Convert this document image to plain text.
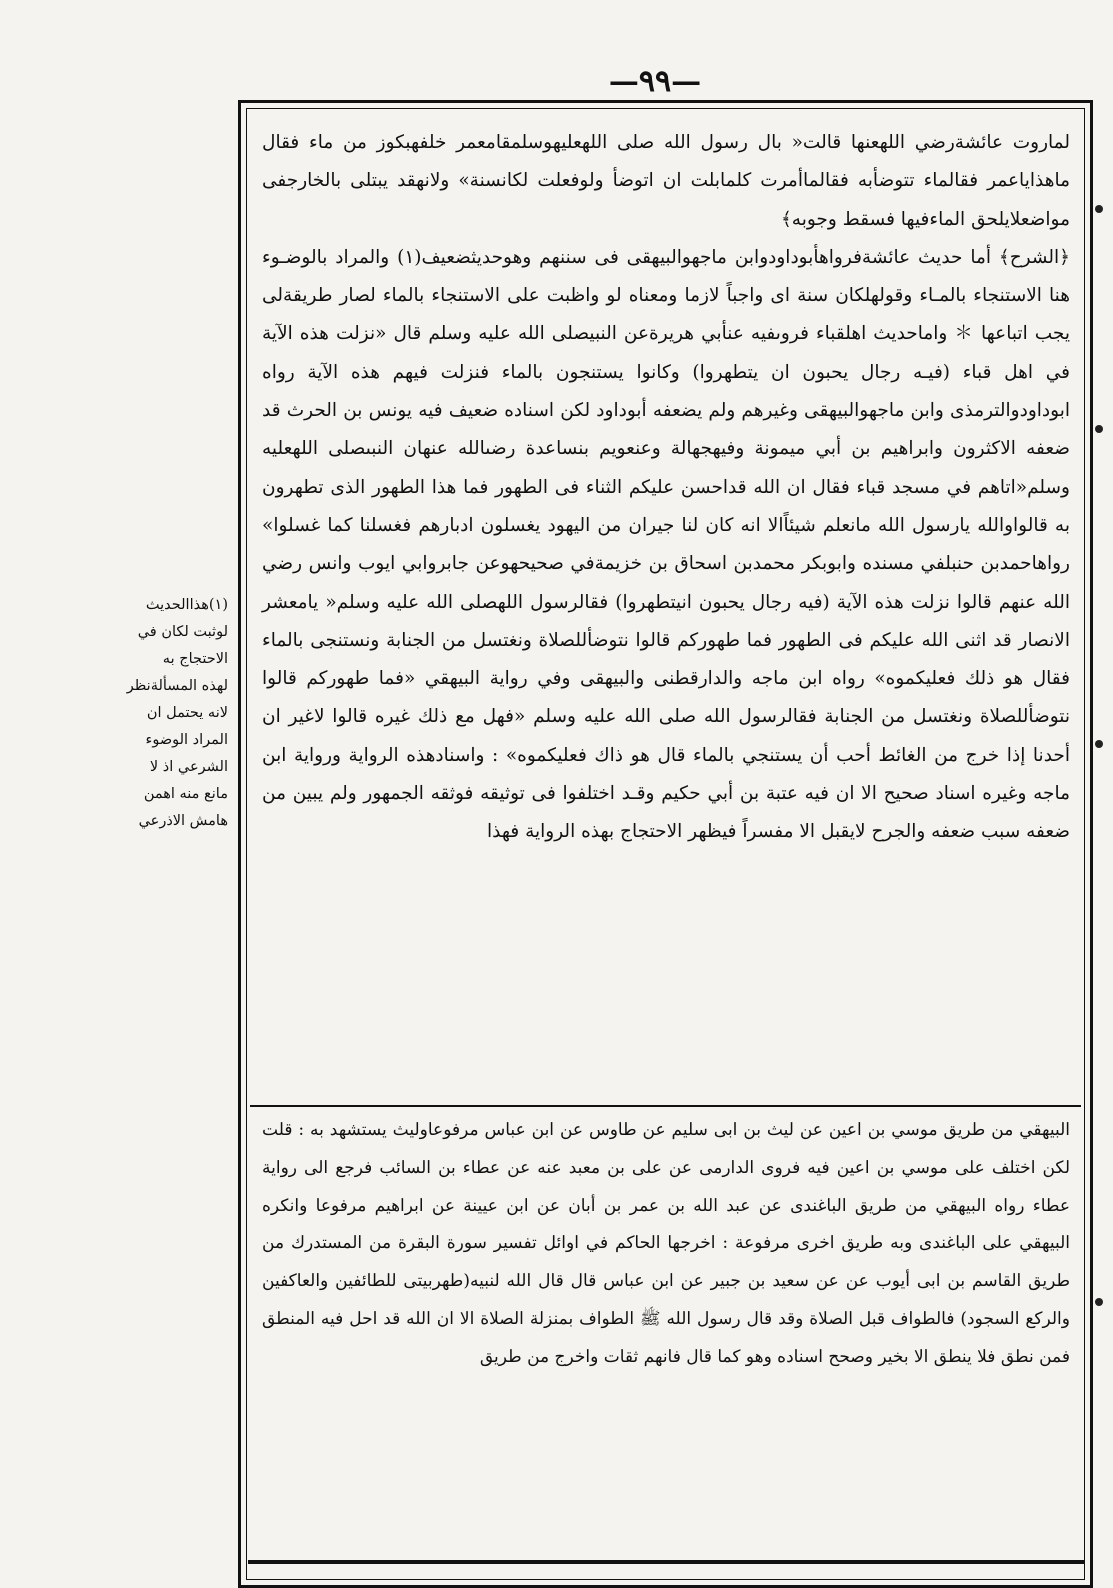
—٩٩—

لماروت عائشةرضي اللهعنها قالت« بال رسول الله صلى اللهعليهوسلمقامعمر خلفهبكوز من ماء فقال ماهذاياعمر فقالماء تتوضأبه فقالماأمرت كلمابلت ان اتوضأ ولوفعلت لكانسنة» ولانهقد يبتلى بالخارجفى مواضعلايلحق الماءفيها فسقط وجوبه﴾

﴿الشرح﴾ أما حديث عائشةفرواهأبوداودوابن ماجهوالبيهقى فى سننهم وهوحديثضعيف(١) والمراد بالوضـوء هنا الاستنجاء بالمـاء وقولهلكان سنة اى واجباً لازما ومعناه لو واظبت على الاستنجاء بالماء لصار طريقةلى يجب اتباعها ＊ واماحديث اهلقباء فروىفيه عنأبي هريرةعن النبيصلى الله عليه وسلم قال «نزلت هذه الآية في اهل قباء (فيـه رجال يحبون ان يتطهروا) وكانوا يستنجون بالماء فنزلت فيهم هذه الآية رواه ابوداودوالترمذى وابن ماجهوالبيهقى وغيرهم ولم يضعفه أبوداود لكن اسناده ضعيف فيه يونس بن الحرث قد ضعفه الاكثرون وابراهيم بن أبي ميمونة وفيهجهالة وعنعويم بنساعدة رضىالله عنهان النبىصلى اللهعليه وسلم«اتاهم في مسجد قباء فقال ان الله قداحسن عليكم الثناء فى الطهور فما هذا الطهور الذى تطهرون به قالواوالله يارسول الله مانعلم شيئاًالا انه كان لنا جيران من اليهود يغسلون ادبارهم فغسلنا كما غسلوا» رواهاحمدبن حنبلفي مسنده وابوبكر محمدبن اسحاق بن خزيمةفي صحيحهوعن جابروابي ايوب وانس رضي الله عنهم قالوا نزلت هذه الآية (فيه رجال يحبون انيتطهروا) فقالرسول اللهصلى الله عليه وسلم« يامعشر الانصار قد اثنى الله عليكم فى الطهور فما طهوركم قالوا نتوضأللصلاة ونغتسل من الجنابة ونستنجى بالماء فقال هو ذلك فعليكموه» رواه ابن ماجه والدارقطنى والبيهقى وفي رواية البيهقي «فما طهوركم قالوا نتوضأللصلاة ونغتسل من الجنابة فقالرسول الله صلى الله عليه وسلم «فهل مع ذلك غيره قالوا لاغير ان أحدنا إذا خرج من الغائط أحب أن يستنجي بالماء قال هو ذاك فعليكموه» : واسنادهذه الرواية ورواية ابن ماجه وغيره اسناد صحيح الا ان فيه عتبة بن أبي حكيم وقـد اختلفوا فى توثيقه فوثقه الجمهور ولم يبين من ضعفه سبب ضعفه والجرح لايقبل الا مفسراً فيظهر الاحتجاج بهذه الرواية فهذا

البيهقي من طريق موسي بن اعين عن ليث بن ابى سليم عن طاوس عن ابن عباس مرفوعاوليث يستشهد به : قلت لكن اختلف على موسي بن اعين فيه فروى الدارمى عن على بن معبد عنه عن عطاء بن السائب فرجع الى رواية عطاء رواه البيهقي من طريق الباغندى عن عبد الله بن عمر بن أبان عن ابن عيينة عن ابراهيم مرفوعا وانكره البيهقي على الباغندى وبه طريق اخرى مرفوعة : اخرجها الحاكم في اوائل تفسير سورة البقرة من المستدرك من طريق القاسم بن ابى أيوب عن عن سعيد بن جبير عن ابن عباس قال قال الله لنبيه(طهربيتى للطائفين والعاكفين والركع السجود) فالطواف قبل الصلاة وقد قال رسول الله ﷺ الطواف بمنزلة الصلاة الا ان الله قد احل فيه المنطق فمن نطق فلا ينطق الا بخير وصحح اسناده وهو كما قال فانهم ثقات واخرج من طريق

(١)هذاالحديث
لوثبت لكان في
الاحتجاج به
لهذه المسألةنظر
لانه يحتمل ان
المراد الوضوء
الشرعي اذ لا
مانع منه اهمن
هامش الاذرعي
